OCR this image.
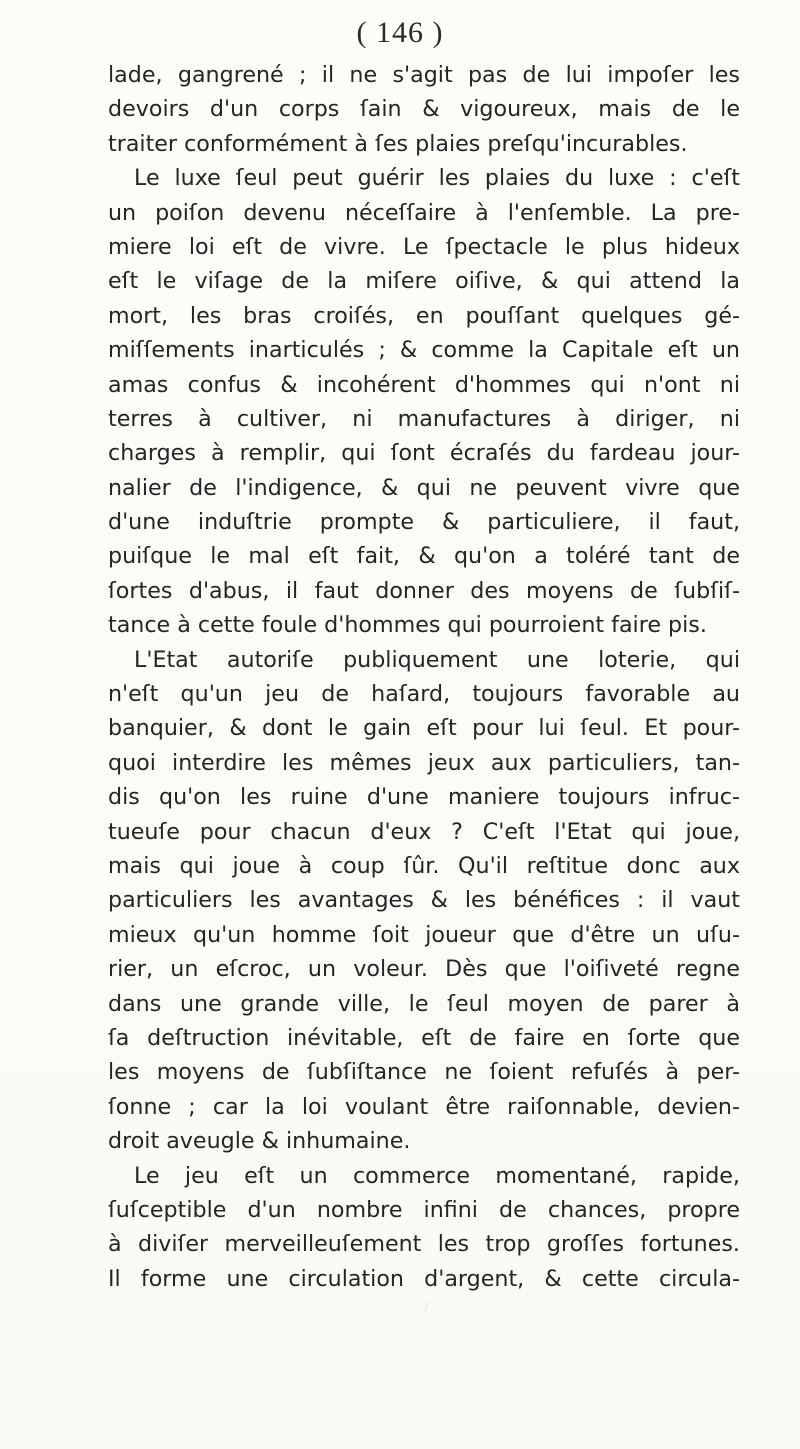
( 146 )
lade, gangrené ; il ne s'agit pas de lui impoſer les
devoirs d'un corps ſain & vigoureux, mais de le
traiter conformément à ſes plaies preſqu'incurables.
Le luxe ſeul peut guérir les plaies du luxe : c'eſt
un poiſon devenu néceſſaire à l'enſemble. La pre-
miere loi eſt de vivre. Le ſpectacle le plus hideux
eſt le viſage de la miſere oiſive, & qui attend la
mort, les bras croiſés, en pouſſant quelques gé-
miſſements inarticulés ; & comme la Capitale eſt un
amas confus & incohérent d'hommes qui n'ont ni
terres à cultiver, ni manufactures à diriger, ni
charges à remplir, qui ſont écraſés du fardeau jour-
nalier de l'indigence, & qui ne peuvent vivre que
d'une induſtrie prompte & particuliere, il faut,
puiſque le mal eſt fait, & qu'on a toléré tant de
ſortes d'abus, il faut donner des moyens de ſubſiſ-
tance à cette foule d'hommes qui pourroient faire pis.
L'Etat autoriſe publiquement une loterie, qui
n'eſt qu'un jeu de haſard, toujours favorable au
banquier, & dont le gain eſt pour lui ſeul. Et pour-
quoi interdire les mêmes jeux aux particuliers, tan-
dis qu'on les ruine d'une maniere toujours infruc-
tueuſe pour chacun d'eux ? C'eſt l'Etat qui joue,
mais qui joue à coup ſûr. Qu'il reſtitue donc aux
particuliers les avantages & les bénéfices : il vaut
mieux qu'un homme ſoit joueur que d'être un uſu-
rier, un eſcroc, un voleur. Dès que l'oiſiveté regne
dans une grande ville, le ſeul moyen de parer à
ſa deſtruction inévitable, eſt de faire en ſorte que
les moyens de ſubſiſtance ne ſoient refuſés à per-
ſonne ; car la loi voulant être raiſonnable, devien-
droit aveugle & inhumaine.
Le jeu eſt un commerce momentané, rapide,
ſuſceptible d'un nombre infini de chances, propre
à diviſer merveilleuſement les trop groſſes fortunes.
Il forme une circulation d'argent, & cette circula-
